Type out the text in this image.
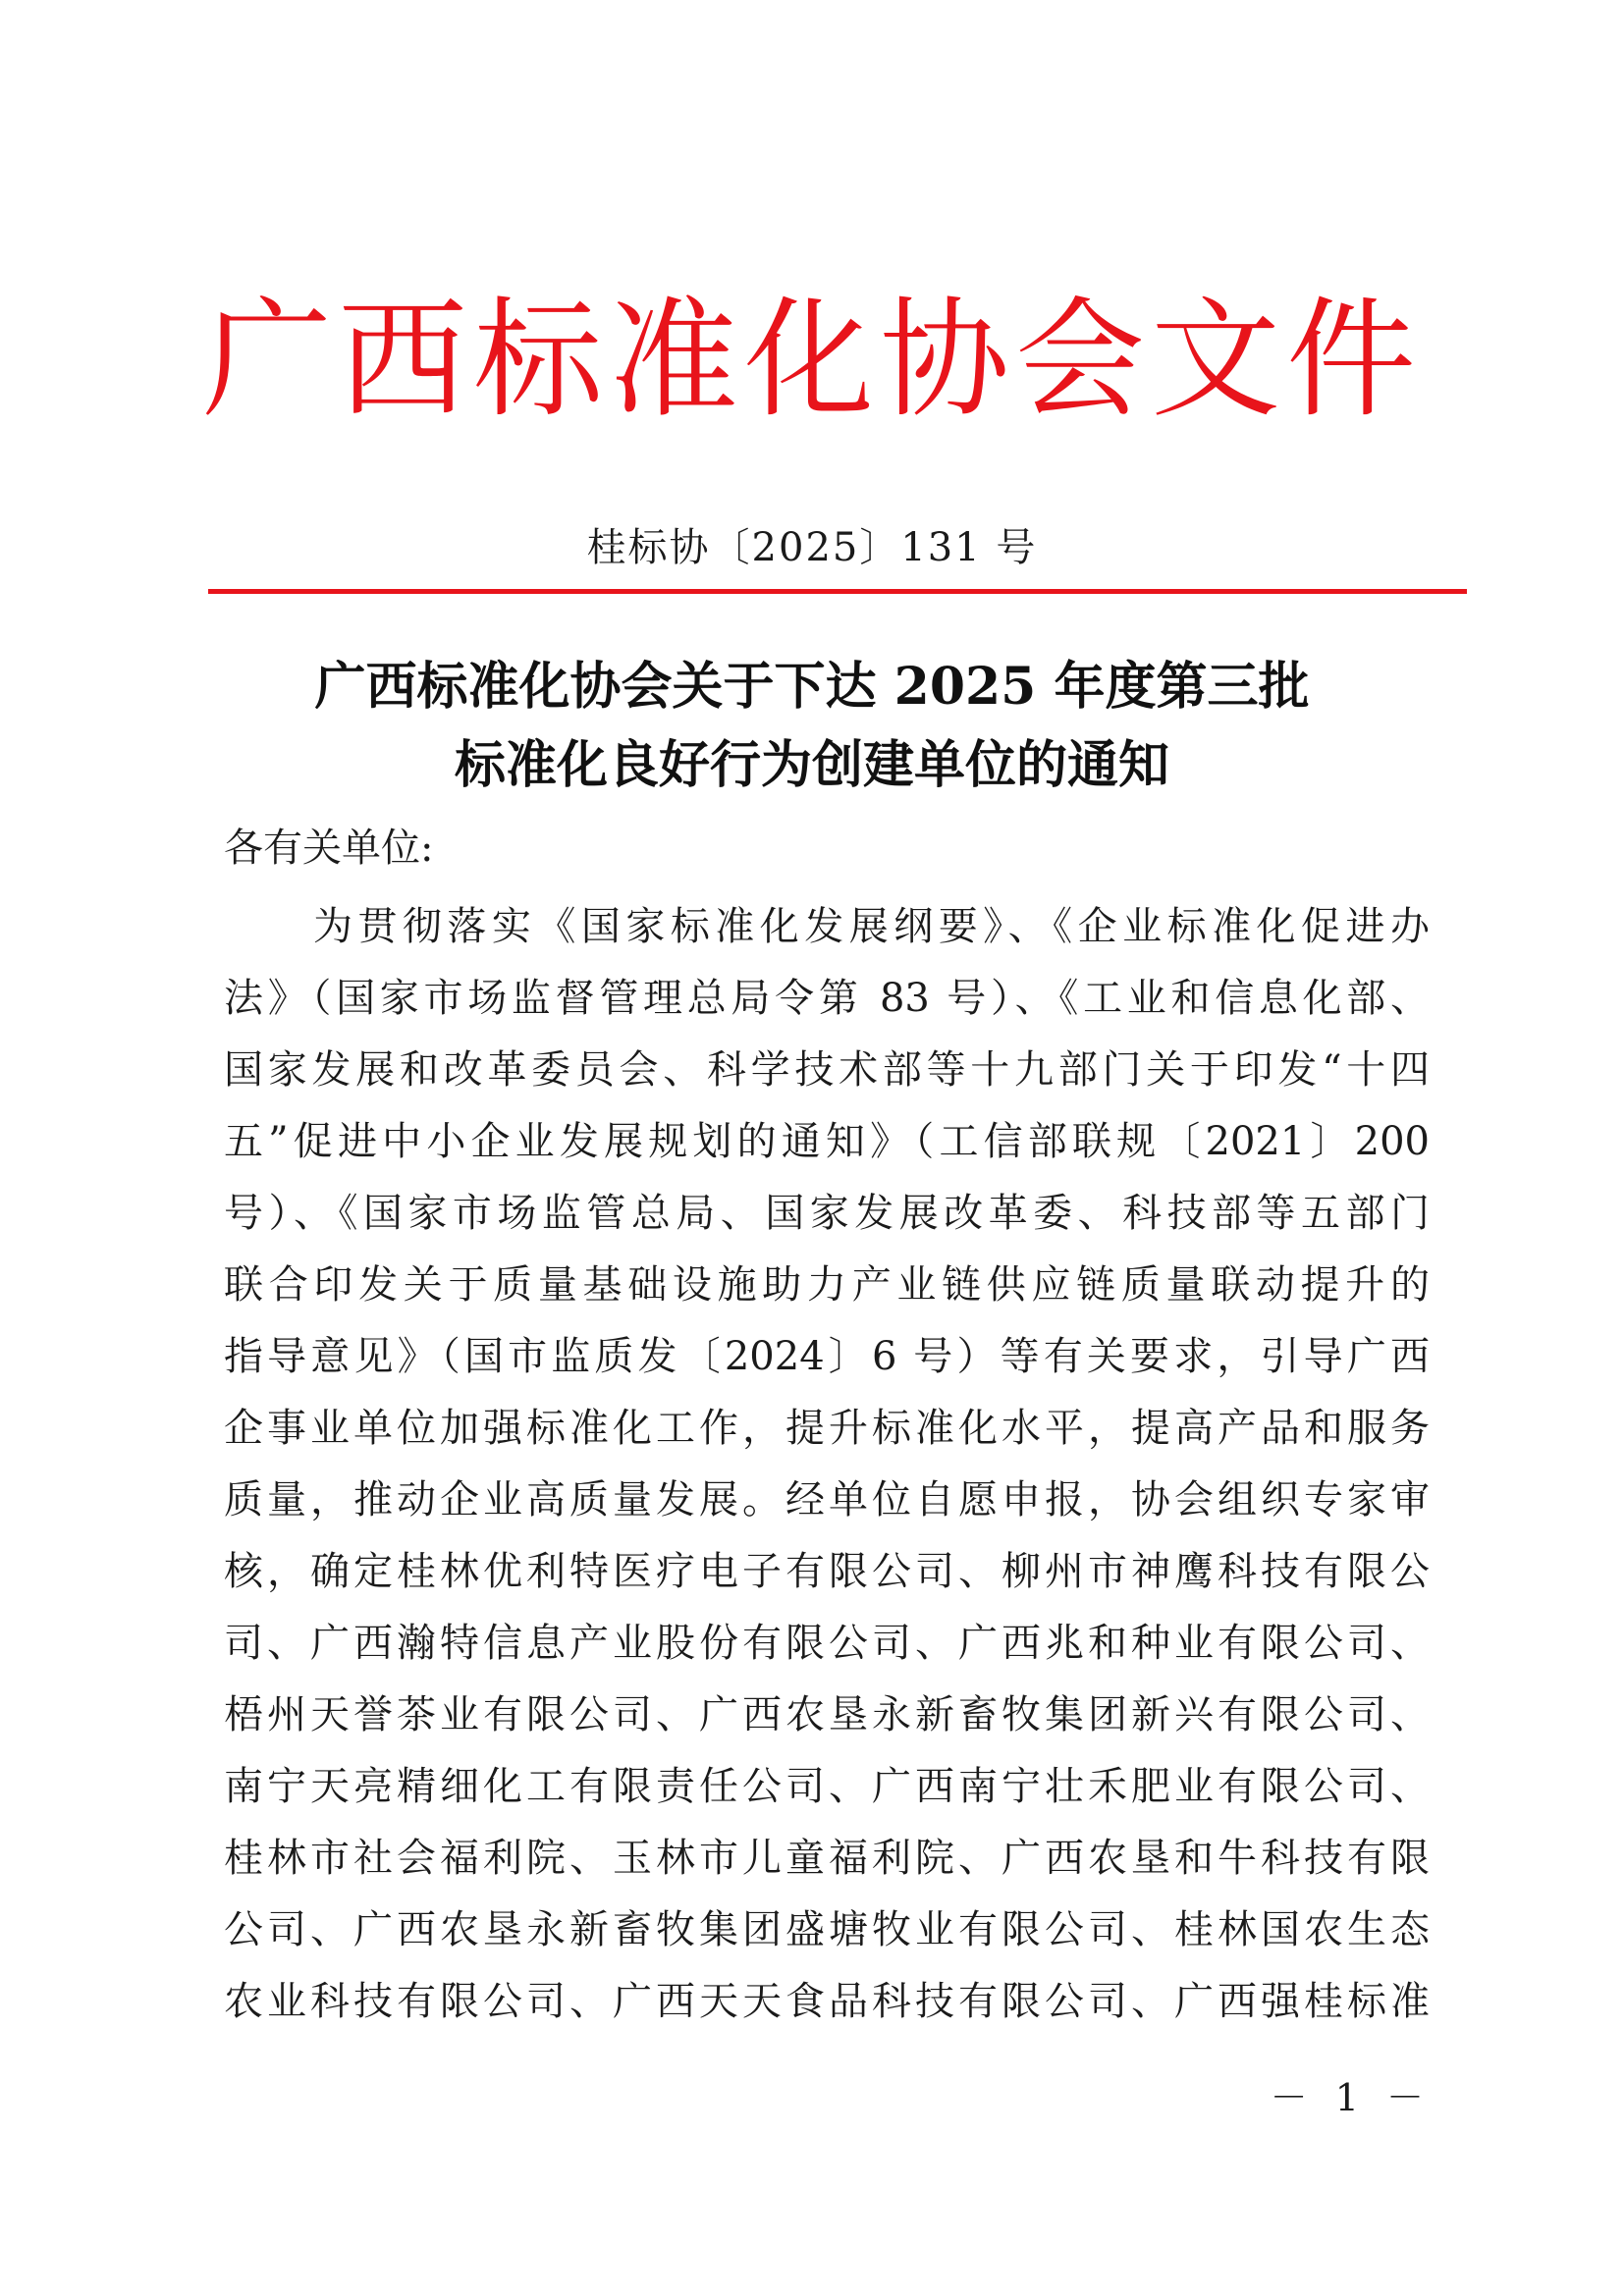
广西标准化协会文件
桂标协〔2025〕131 号
广西标准化协会关于下达 2025 年度第三批
标准化良好行为创建单位的通知
各有关单位:
　　为贯彻落实《国家标准化发展纲要》、《企业标准化促进办
法》（国家市场监督管理总局令第 83 号）、《工业和信息化部、
国家发展和改革委员会、科学技术部等十九部门关于印发“十四
五”促进中小企业发展规划的通知》（工信部联规〔2021〕200
号）、《国家市场监管总局、国家发展改革委、科技部等五部门
联合印发关于质量基础设施助力产业链供应链质量联动提升的
指导意见》（国市监质发〔2024〕6 号）等有关要求，引导广西
企事业单位加强标准化工作，提升标准化水平，提高产品和服务
质量，推动企业高质量发展。经单位自愿申报，协会组织专家审
核，确定桂林优利特医疗电子有限公司、柳州市神鹰科技有限公
司、广西瀚特信息产业股份有限公司、广西兆和种业有限公司、
梧州天誉茶业有限公司、广西农垦永新畜牧集团新兴有限公司、
南宁天亮精细化工有限责任公司、广西南宁壮禾肥业有限公司、
桂林市社会福利院、玉林市儿童福利院、广西农垦和牛科技有限
公司、广西农垦永新畜牧集团盛塘牧业有限公司、桂林国农生态
农业科技有限公司、广西天天食品科技有限公司、广西强桂标准
－ 1 －
